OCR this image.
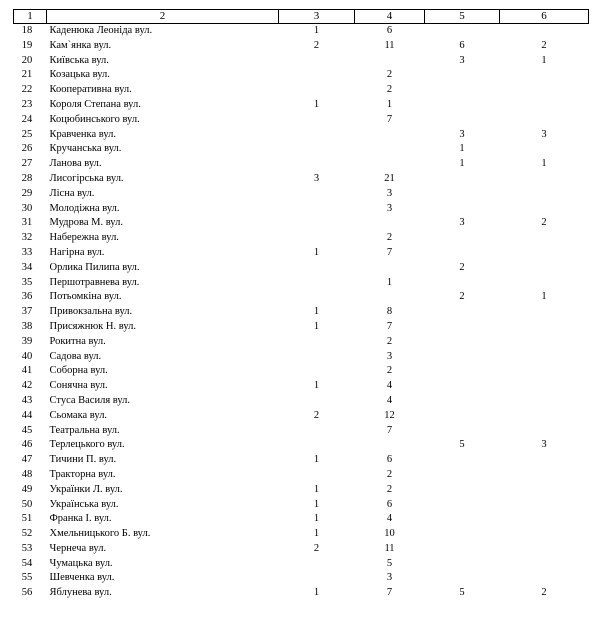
1	2	3	4	5	6
18	Каденюка Леоніда вул.	1	6		
19	Кам`янка вул.	2	11	6	2
20	Київська вул.			3	1
21	Козацька вул.		2		
22	Кооперативна вул.		2		
23	Короля Степана вул.	1	1		
24	Коцюбинського вул.		7		
25	Кравченка вул.			3	3
26	Кручанська вул.			1	
27	Ланова вул.			1	1
28	Лисогірська вул.	3	21		
29	Лісна вул.		3		
30	Молодіжна вул.		3		
31	Мудрова М. вул.			3	2
32	Набережна вул.		2		
33	Нагірна вул.	1	7		
34	Орлика Пилипа вул.			2	
35	Першотравнева вул.		1		
36	Потьомкіна вул.			2	1
37	Привокзальна вул.	1	8		
38	Присяжнюк Н. вул.	1	7		
39	Рокитна вул.		2		
40	Садова вул.		3		
41	Соборна вул.		2		
42	Сонячна вул.	1	4		
43	Стуса Василя вул.		4		
44	Сьомака вул.	2	12		
45	Театральна вул.		7		
46	Терлецького вул.			5	3
47	Тичини П. вул.	1	6		
48	Тракторна вул.		2		
49	Українки Л. вул.	1	2		
50	Українська вул.	1	6		
51	Франка І. вул.	1	4		
52	Хмельницького Б. вул.	1	10		
53	Чернеча вул.	2	11		
54	Чумацька вул.		5		
55	Шевченка вул.		3		
56	Яблунева вул.	1	7	5	2
